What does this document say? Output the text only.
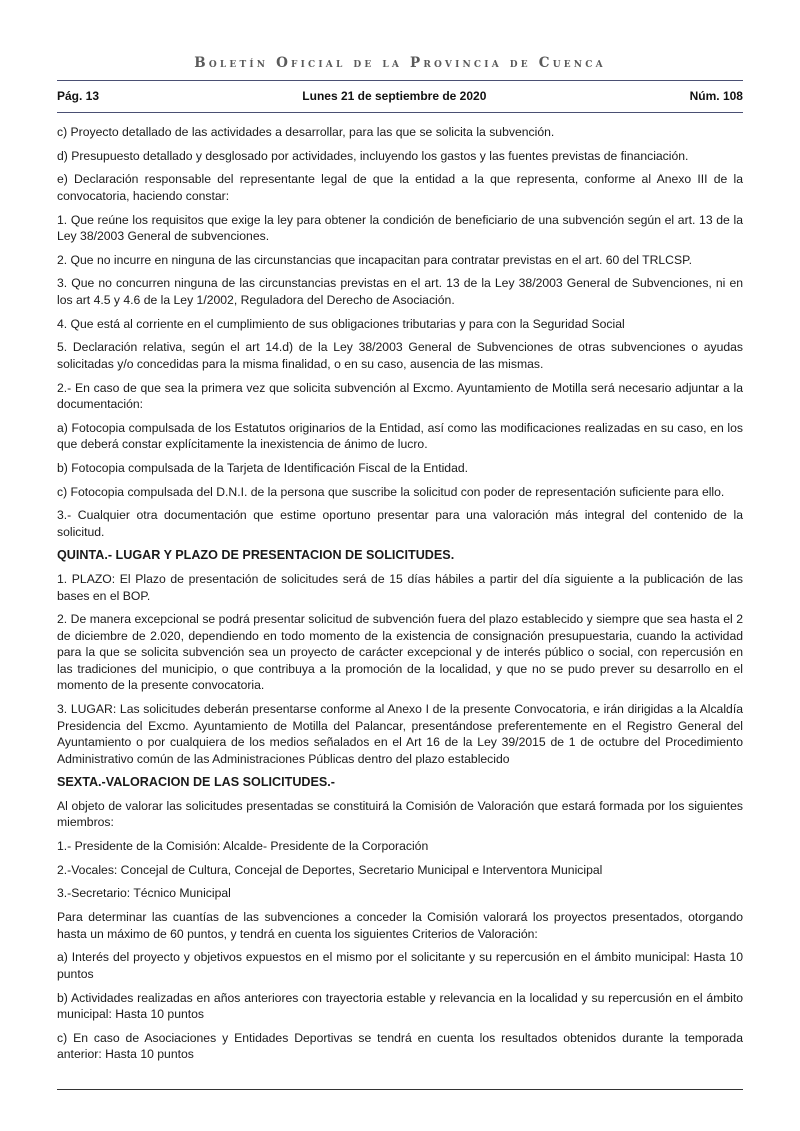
Boletín Oficial de la Provincia de Cuenca
Pág. 13	Lunes 21 de septiembre de 2020	Núm. 108

c) Proyecto detallado de las actividades a desarrollar, para las que se solicita la subvención.

d) Presupuesto detallado y desglosado por actividades, incluyendo los gastos y las fuentes previstas de financiación.

e) Declaración responsable del representante legal de que la entidad a la que representa, conforme al Anexo III de la convocatoria, haciendo constar:

1. Que reúne los requisitos que exige la ley para obtener la condición de beneficiario de una subvención según el art. 13 de la Ley 38/2003 General de subvenciones.

2. Que no incurre en ninguna de las circunstancias que incapacitan para contratar previstas en el art. 60 del TRLCSP.

3. Que no concurren ninguna de las circunstancias previstas en el art. 13 de la Ley 38/2003 General de Subvenciones, ni en los art 4.5 y 4.6 de la Ley 1/2002, Reguladora del Derecho de Asociación.

4. Que está al corriente en el cumplimiento de sus obligaciones tributarias y para con la Seguridad Social

5. Declaración relativa, según el art 14.d) de la Ley 38/2003 General de Subvenciones de otras subvenciones o ayudas solicitadas y/o concedidas para la misma finalidad, o en su caso, ausencia de las mismas.

2.- En caso de que sea la primera vez que solicita subvención al Excmo. Ayuntamiento de Motilla será necesario adjuntar a la documentación:

a) Fotocopia compulsada de los Estatutos originarios de la Entidad, así como las modificaciones realizadas en su caso, en los que deberá constar explícitamente la inexistencia de ánimo de lucro.

b) Fotocopia compulsada de la Tarjeta de Identificación Fiscal de la Entidad.

c) Fotocopia compulsada del D.N.I. de la persona que suscribe la solicitud con poder de representación suficiente para ello.

3.- Cualquier otra documentación que estime oportuno presentar para una valoración más integral del contenido de la solicitud.

QUINTA.- LUGAR Y PLAZO DE PRESENTACION DE SOLICITUDES.

1. PLAZO: El Plazo de presentación de solicitudes será de 15 días hábiles a partir del día siguiente a la publicación de las bases en el BOP.

2. De manera excepcional se podrá presentar solicitud de subvención fuera del plazo establecido y siempre que sea hasta el 2 de diciembre de 2.020, dependiendo en todo momento de la existencia de consignación presupuestaria, cuando la actividad para la que se solicita subvención sea un proyecto de carácter excepcional y de interés público o social, con repercusión en las tradiciones del municipio, o que contribuya a la promoción de la localidad, y que no se pudo prever su desarrollo en el momento de la presente convocatoria.

3. LUGAR: Las solicitudes deberán presentarse conforme al Anexo I de la presente Convocatoria, e irán dirigidas a la Alcaldía Presidencia del Excmo. Ayuntamiento de Motilla del Palancar, presentándose preferentemente en el Registro General del Ayuntamiento o por cualquiera de los medios señalados en el Art 16 de la Ley 39/2015 de 1 de octubre del Procedimiento Administrativo común de las Administraciones Públicas dentro del plazo establecido

SEXTA.-VALORACION DE LAS SOLICITUDES.-

Al objeto de valorar las solicitudes presentadas se constituirá la Comisión de Valoración que estará formada por los siguientes miembros:

1.- Presidente de la Comisión: Alcalde- Presidente de la Corporación

2.-Vocales: Concejal de Cultura, Concejal de Deportes, Secretario Municipal e Interventora Municipal

3.-Secretario: Técnico Municipal

Para determinar las cuantías de las subvenciones a conceder la Comisión valorará los proyectos presentados, otorgando hasta un máximo de 60 puntos, y tendrá en cuenta los siguientes Criterios de Valoración:

a) Interés del proyecto y objetivos expuestos en el mismo por el solicitante y su repercusión en el ámbito municipal: Hasta 10 puntos

b) Actividades realizadas en años anteriores con trayectoria estable y relevancia en la localidad y su repercusión en el ámbito municipal: Hasta 10 puntos

c) En caso de Asociaciones y Entidades Deportivas se tendrá en cuenta los resultados obtenidos durante la temporada anterior: Hasta 10 puntos
